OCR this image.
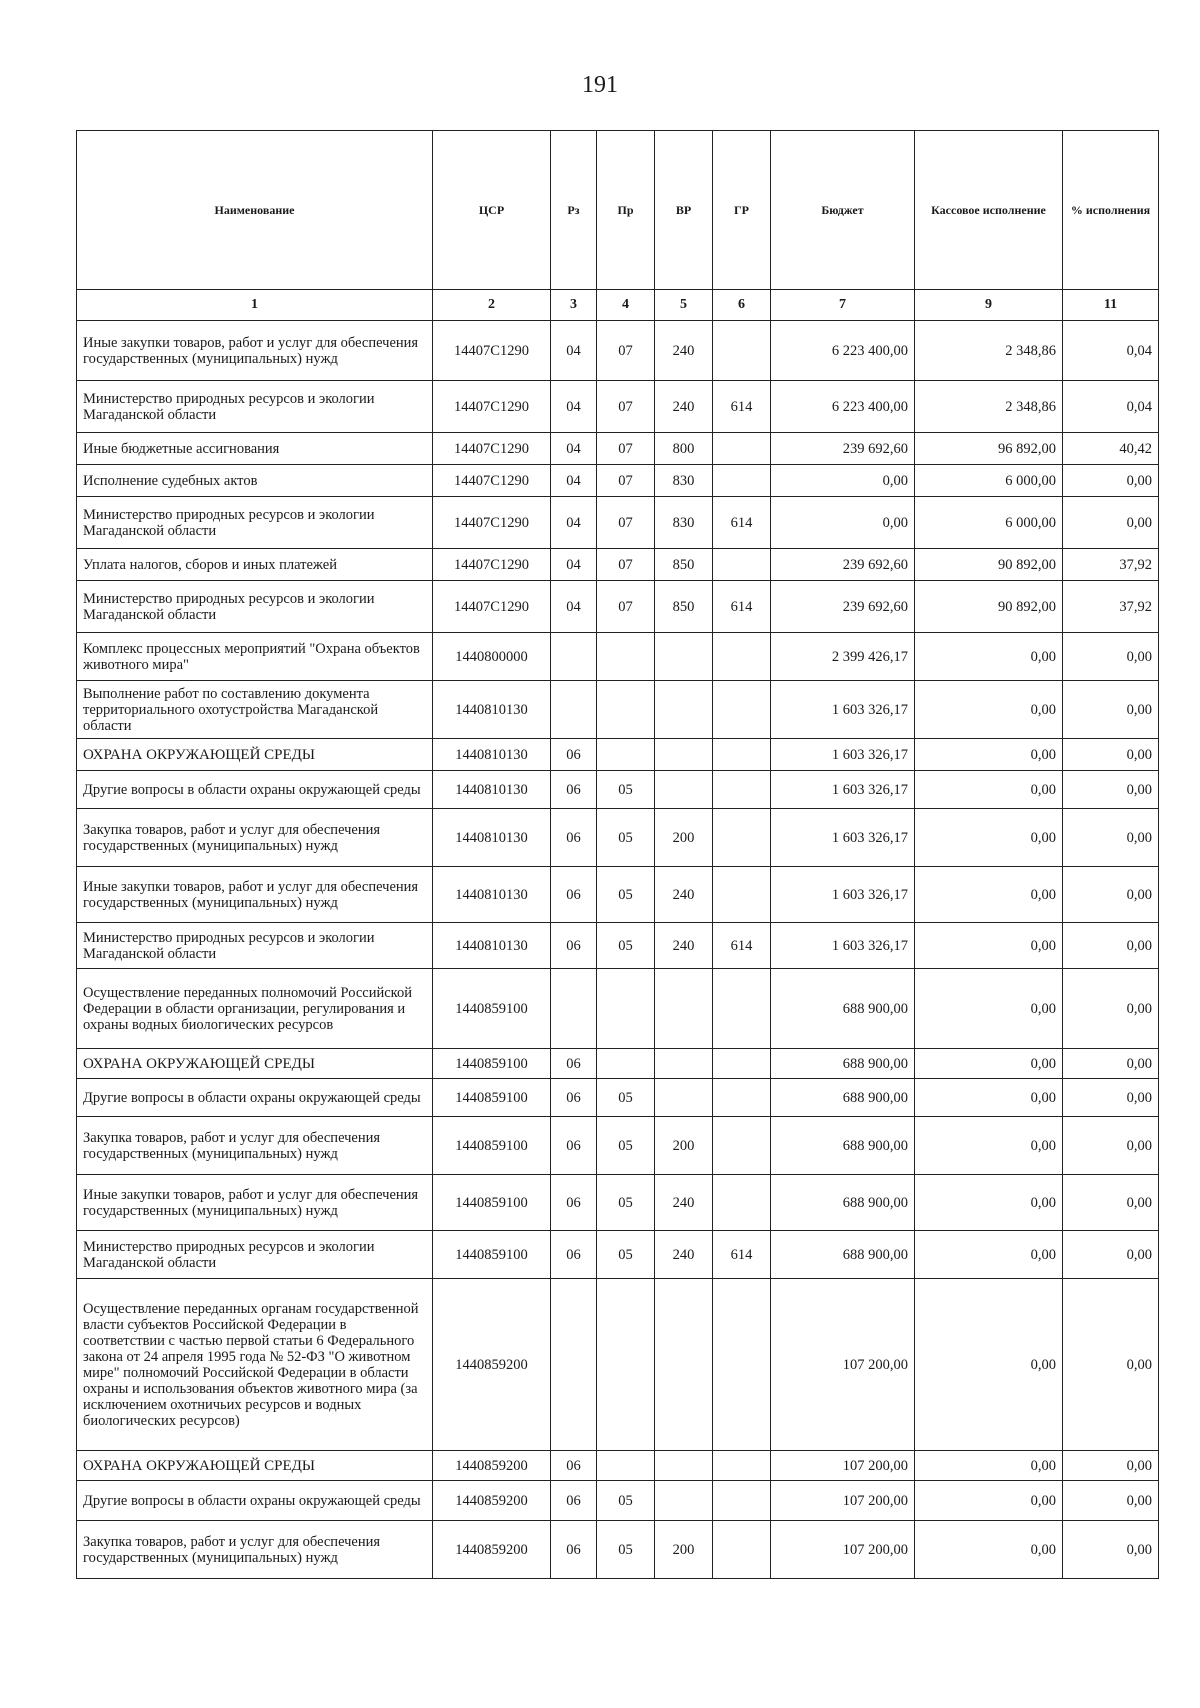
191
Наименование	ЦСР	Рз	Пр	ВР	ГР	Бюджет	Кассовое исполнение	% исполнения
1	2	3	4	5	6	7	9	11
Иные закупки товаров, работ и услуг для обеспечения государственных (муниципальных) нужд	14407С1290	04	07	240		6 223 400,00	2 348,86	0,04
Министерство природных ресурсов и экологии Магаданской области	14407С1290	04	07	240	614	6 223 400,00	2 348,86	0,04
Иные бюджетные ассигнования	14407С1290	04	07	800		239 692,60	96 892,00	40,42
Исполнение судебных актов	14407С1290	04	07	830		0,00	6 000,00	0,00
Министерство природных ресурсов и экологии Магаданской области	14407С1290	04	07	830	614	0,00	6 000,00	0,00
Уплата налогов, сборов и иных платежей	14407С1290	04	07	850		239 692,60	90 892,00	37,92
Министерство природных ресурсов и экологии Магаданской области	14407С1290	04	07	850	614	239 692,60	90 892,00	37,92
Комплекс процессных мероприятий "Охрана объектов животного мира"	1440800000					2 399 426,17	0,00	0,00
Выполнение работ по составлению документа территориального охотустройства Магаданской области	1440810130					1 603 326,17	0,00	0,00
ОХРАНА ОКРУЖАЮЩЕЙ СРЕДЫ	1440810130	06				1 603 326,17	0,00	0,00
Другие вопросы в области охраны окружающей среды	1440810130	06	05			1 603 326,17	0,00	0,00
Закупка товаров, работ и услуг для обеспечения государственных (муниципальных) нужд	1440810130	06	05	200		1 603 326,17	0,00	0,00
Иные закупки товаров, работ и услуг для обеспечения государственных (муниципальных) нужд	1440810130	06	05	240		1 603 326,17	0,00	0,00
Министерство природных ресурсов и экологии Магаданской области	1440810130	06	05	240	614	1 603 326,17	0,00	0,00
Осуществление переданных полномочий Российской Федерации в области организации, регулирования и охраны водных биологических ресурсов	1440859100					688 900,00	0,00	0,00
ОХРАНА ОКРУЖАЮЩЕЙ СРЕДЫ	1440859100	06				688 900,00	0,00	0,00
Другие вопросы в области охраны окружающей среды	1440859100	06	05			688 900,00	0,00	0,00
Закупка товаров, работ и услуг для обеспечения государственных (муниципальных) нужд	1440859100	06	05	200		688 900,00	0,00	0,00
Иные закупки товаров, работ и услуг для обеспечения государственных (муниципальных) нужд	1440859100	06	05	240		688 900,00	0,00	0,00
Министерство природных ресурсов и экологии Магаданской области	1440859100	06	05	240	614	688 900,00	0,00	0,00
Осуществление переданных органам государственной власти субъектов Российской Федерации в соответствии с частью первой статьи 6 Федерального закона от 24 апреля 1995 года № 52-ФЗ "О животном мире" полномочий Российской Федерации в области охраны и использования объектов животного мира (за исключением охотничьих ресурсов и водных биологических ресурсов)	1440859200					107 200,00	0,00	0,00
ОХРАНА ОКРУЖАЮЩЕЙ СРЕДЫ	1440859200	06				107 200,00	0,00	0,00
Другие вопросы в области охраны окружающей среды	1440859200	06	05			107 200,00	0,00	0,00
Закупка товаров, работ и услуг для обеспечения государственных (муниципальных) нужд	1440859200	06	05	200		107 200,00	0,00	0,00
